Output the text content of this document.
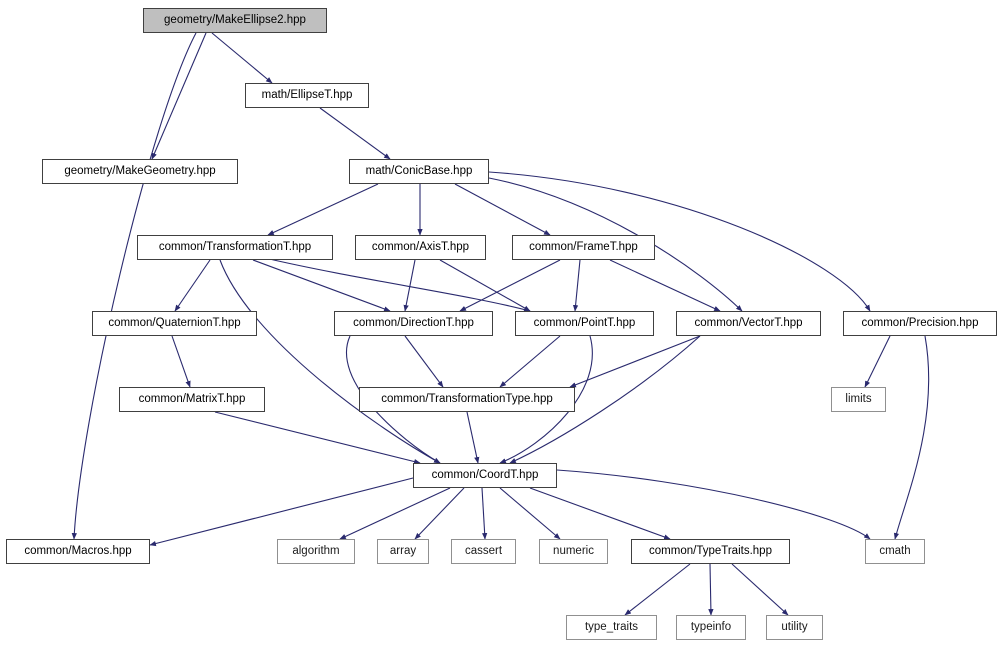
geometry/MakeEllipse2.hpp
math/EllipseT.hpp
geometry/MakeGeometry.hpp	math/ConicBase.hpp
common/TransformationT.hpp	common/AxisT.hpp	common/FrameT.hpp
common/QuaternionT.hpp	common/DirectionT.hpp	common/PointT.hpp	common/VectorT.hpp	common/Precision.hpp
common/MatrixT.hpp	common/TransformationType.hpp	limits
common/CoordT.hpp
common/Macros.hpp	algorithm	array	cassert	numeric	common/TypeTraits.hpp	cmath
type_traits	typeinfo	utility
